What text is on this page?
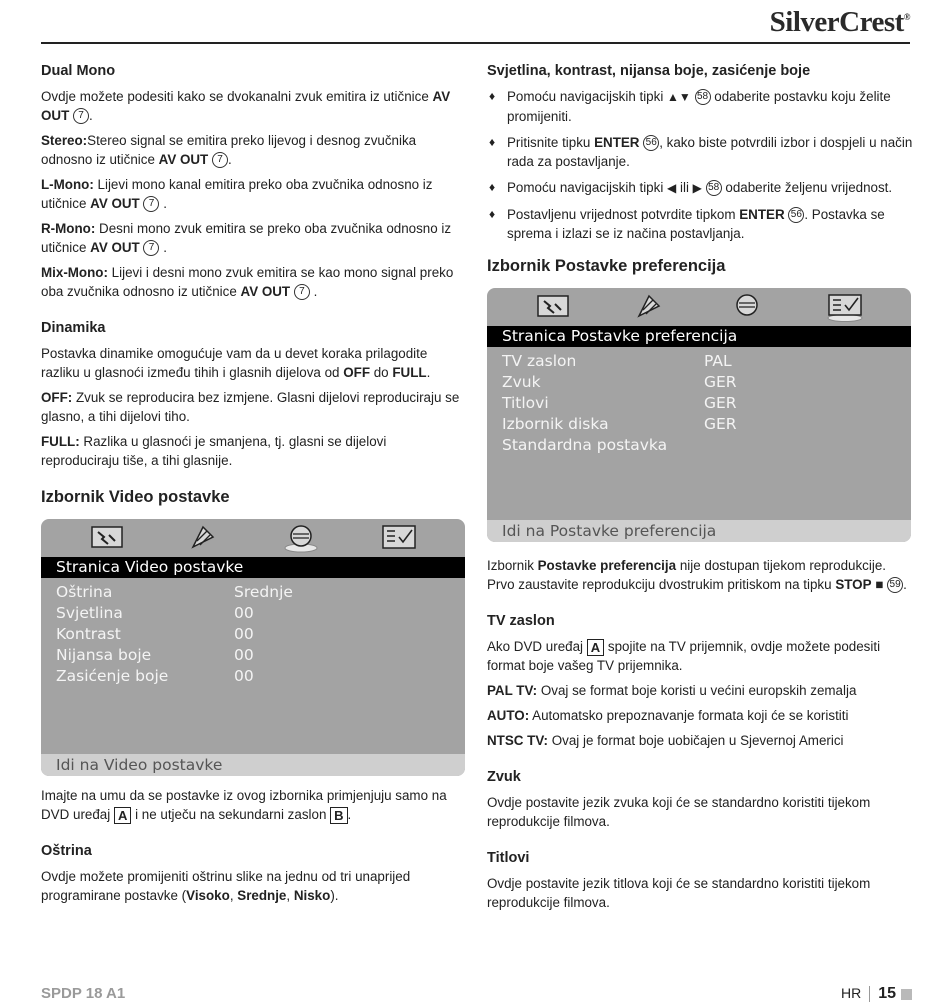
SilverCrest®
Dual Mono

Ovdje možete podesiti kako se dvokanalni zvuk emitira iz utičnice AV OUT 7 .

Stereo:Stereo signal se emitira preko lijevog i desnog zvučnika odnosno iz utičnice AV OUT 7 .

L-Mono: Lijevi mono kanal emitira preko oba zvučnika odnosno iz utičnice AV OUT 7 .

R-Mono: Desni mono zvuk emitira se preko oba zvučnika odnosno iz utičnice AV OUT 7 .

Mix-Mono: Lijevi i desni mono zvuk emitira se kao mono signal preko oba zvučnika odnosno iz utičnice AV OUT 7 .

Dinamika

Postavka dinamike omogućuje vam da u devet koraka prilagodite razliku u glasnoći između tihih i glasnih dijelova od OFF do FULL.

OFF: Zvuk se reproducira bez izmjene. Glasni dijelovi reproduciraju se glasno, a tihi dijelovi tiho.

FULL: Razlika u glasnoći je smanjena, tj. glasni se dijelovi reproduciraju tiše, a tihi glasnije.

Izbornik Video postavke
Stranica Video postavke
Oštrina	Srednje
Svjetlina	00
Kontrast	00
Nijansa boje	00
Zasićenje boje	00
Idi na Video postavke

Imajte na umu da se postavke iz ovog izbornika primjenjuju samo na DVD uređaj A i ne utječu na sekundarni zaslon B .

Oštrina

Ovdje možete promijeniti oštrinu slike na jednu od tri unaprijed programirane postavke (Visoko, Srednje, Nisko).

Svjetlina, kontrast, nijansa boje, zasićenje boje
♦ Pomoću navigacijskih tipki ▲▼ 58 odaberite postavku koju želite promijeniti.
♦ Pritisnite tipku ENTER 56 , kako biste potvrdili izbor i dospjeli u način rada za postavljanje.
♦ Pomoću navigacijskih tipki ◀ ili ▶ 58 odaberite željenu vrijednost.
♦ Postavljenu vrijednost potvrdite tipkom ENTER 56 . Postavka se sprema i izlazi se iz načina postavljanja.
Izbornik Postavke preferencija
Stranica Postavke preferencija
TV zaslon	PAL
Zvuk	GER
Titlovi	GER
Izbornik diska	GER
Standardna postavka
Idi na Postavke preferencija

Izbornik Postavke preferencija nije dostupan tijekom reprodukcije. Prvo zaustavite reprodukciju dvostrukim pritiskom na tipku STOP ■ 59 .

TV zaslon

Ako DVD uređaj A spojite na TV prijemnik, ovdje možete podesiti format boje vašeg TV prijemnika.

PAL TV: Ovaj se format boje koristi u većini europskih zemalja

AUTO: Automatsko prepoznavanje formata koji će se koristiti

NTSC TV: Ovaj je format boje uobičajen u Sjevernoj Americi

Zvuk

Ovdje postavite jezik zvuka koji će se standardno koristiti tijekom reprodukcije filmova.

Titlovi

Ovdje postavite jezik titlova koji će se standardno koristiti tijekom reprodukcije filmova.

SPDP 18 A1	HR 15
